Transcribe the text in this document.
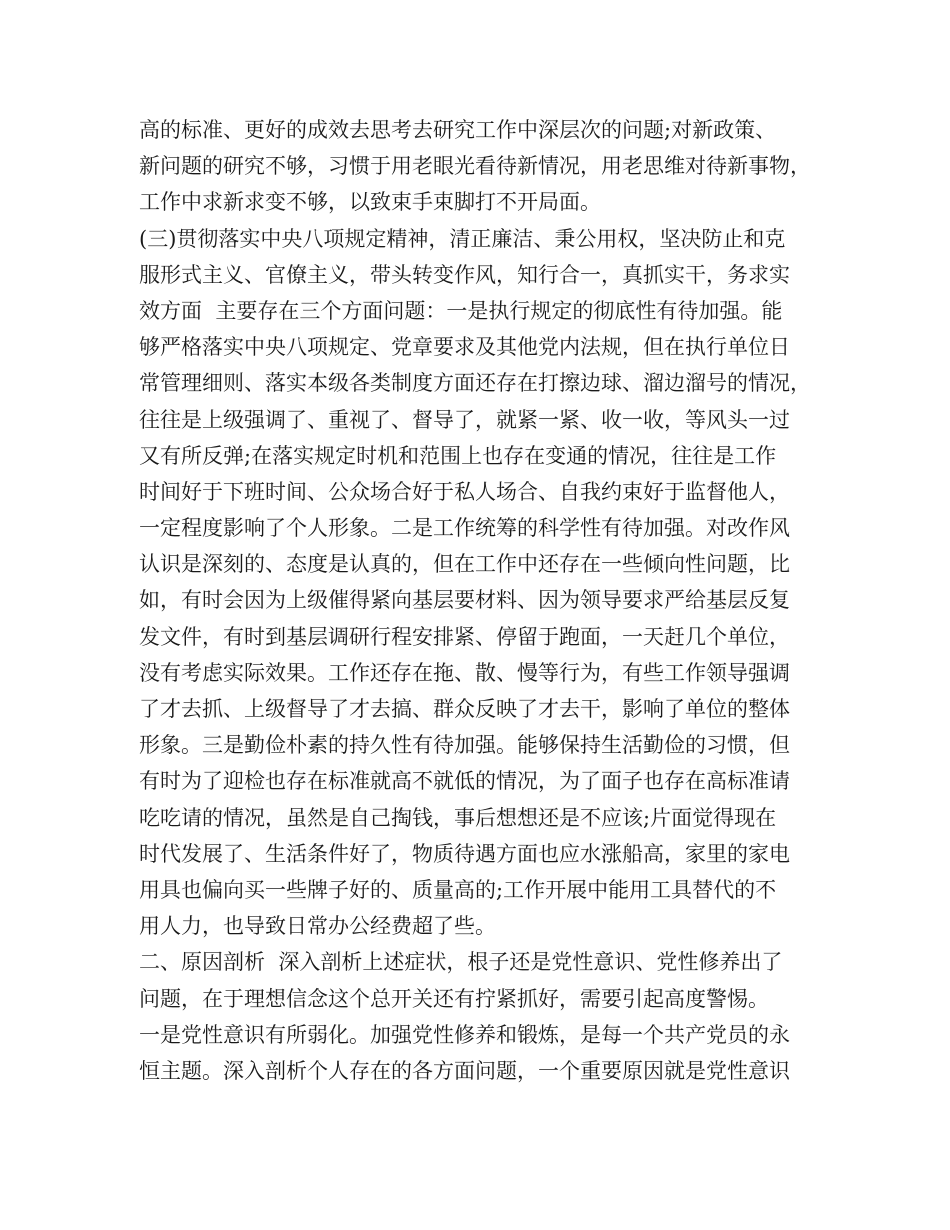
高的标准、更好的成效去思考去研究工作中深层次的问题;对新政策、
新问题的研究不够，习惯于用老眼光看待新情况，用老思维对待新事物，
工作中求新求变不够，以致束手束脚打不开局面。
(三)贯彻落实中央八项规定精神，清正廉洁、秉公用权，坚决防止和克
服形式主义、官僚主义，带头转变作风，知行合一，真抓实干，务求实
效方面  主要存在三个方面问题：一是执行规定的彻底性有待加强。能
够严格落实中央八项规定、党章要求及其他党内法规，但在执行单位日
常管理细则、落实本级各类制度方面还存在打擦边球、溜边溜号的情况，
往往是上级强调了、重视了、督导了，就紧一紧、收一收，等风头一过
又有所反弹;在落实规定时机和范围上也存在变通的情况，往往是工作
时间好于下班时间、公众场合好于私人场合、自我约束好于监督他人，
一定程度影响了个人形象。二是工作统筹的科学性有待加强。对改作风
认识是深刻的、态度是认真的，但在工作中还存在一些倾向性问题，比
如，有时会因为上级催得紧向基层要材料、因为领导要求严给基层反复
发文件，有时到基层调研行程安排紧、停留于跑面，一天赶几个单位，
没有考虑实际效果。工作还存在拖、散、慢等行为，有些工作领导强调
了才去抓、上级督导了才去搞、群众反映了才去干，影响了单位的整体
形象。三是勤俭朴素的持久性有待加强。能够保持生活勤俭的习惯，但
有时为了迎检也存在标准就高不就低的情况，为了面子也存在高标准请
吃吃请的情况，虽然是自己掏钱，事后想想还是不应该;片面觉得现在
时代发展了、生活条件好了，物质待遇方面也应水涨船高，家里的家电
用具也偏向买一些牌子好的、质量高的;工作开展中能用工具替代的不
用人力，也导致日常办公经费超了些。
二、原因剖析  深入剖析上述症状，根子还是党性意识、党性修养出了
问题，在于理想信念这个总开关还有拧紧抓好，需要引起高度警惕。
一是党性意识有所弱化。加强党性修养和锻炼，是每一个共产党员的永
恒主题。深入剖析个人存在的各方面问题，一个重要原因就是党性意识
